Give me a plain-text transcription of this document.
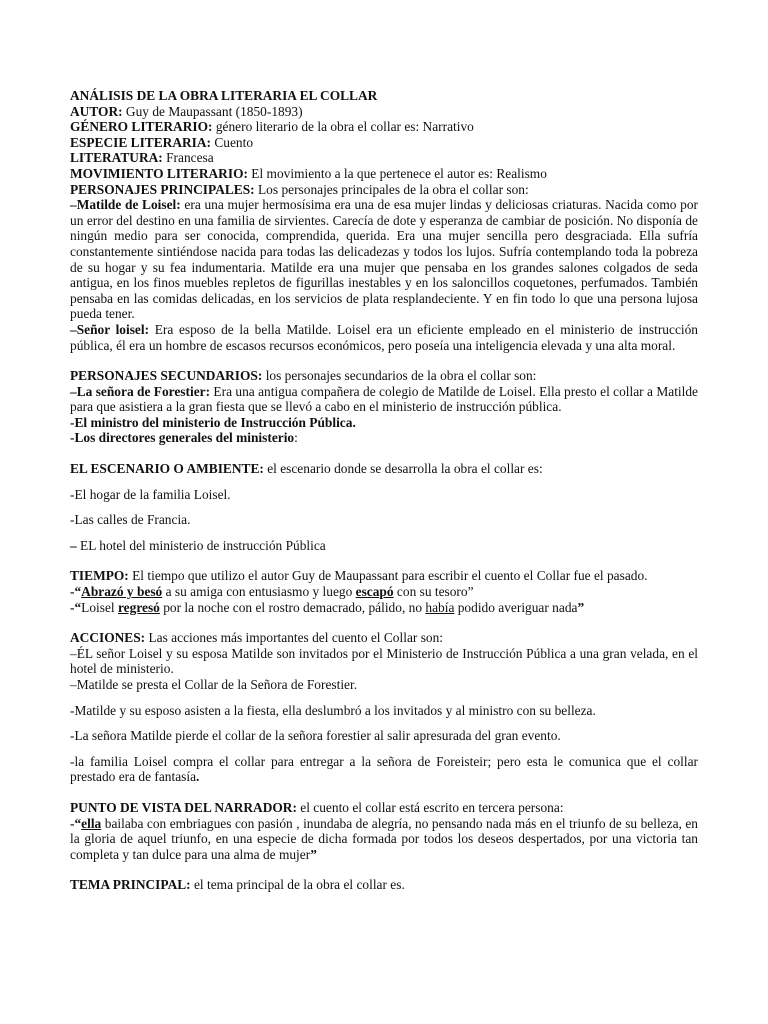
ANÁLISIS DE LA OBRA LITERARIA EL COLLAR

AUTOR: Guy de Maupassant (1850-1893)

GÉNERO LITERARIO: género literario de la obra el collar es: Narrativo

ESPECIE LITERARIA: Cuento

LITERATURA: Francesa

MOVIMIENTO LITERARIO: El movimiento a la que pertenece el autor es: Realismo

PERSONAJES PRINCIPALES: Los personajes principales de la obra el collar son:

–Matilde de Loisel: era una mujer hermosísima era una de esa mujer lindas y deliciosas criaturas. Nacida como por un error del destino en una familia de sirvientes. Carecía de dote y esperanza de cambiar de posición. No disponía de ningún medio para ser conocida, comprendida, querida. Era una mujer sencilla pero desgraciada. Ella sufría constantemente sintiéndose nacida para todas las delicadezas y todos los lujos. Sufría contemplando toda la pobreza de su hogar y su fea indumentaria. Matilde era una mujer que pensaba en los grandes salones colgados de seda antigua, en los finos muebles repletos de figurillas inestables y en los saloncillos coquetones, perfumados. También pensaba en las comidas delicadas, en los servicios de plata resplandeciente. Y en fin todo lo que una persona lujosa pueda tener.

–Señor loisel: Era esposo de la bella Matilde. Loisel era un eficiente empleado en el ministerio de instrucción pública, él era un hombre de escasos recursos económicos, pero poseía una inteligencia elevada y una alta moral.

PERSONAJES SECUNDARIOS: los personajes secundarios de la obra el collar son:

–La señora de Forestier: Era una antigua compañera de colegio de Matilde de Loisel. Ella presto el collar a Matilde para que asistiera a la gran fiesta que se llevó a cabo en el ministerio de instrucción pública.

-El ministro del ministerio de Instrucción Pública.

-Los directores generales del ministerio:

EL ESCENARIO O AMBIENTE: el escenario donde se desarrolla la obra el collar es:

-El hogar de la familia Loisel.

-Las calles de Francia.

– EL hotel del ministerio de instrucción Pública

TIEMPO: El tiempo que utilizo el autor Guy de Maupassant para escribir el cuento el Collar fue el pasado.

-“Abrazó y besó a su amiga con entusiasmo y luego escapó con su tesoro”

-“Loisel regresó por la noche con el rostro demacrado, pálido, no había podido averiguar nada”

ACCIONES: Las acciones más importantes del cuento el Collar son:

–ÉL señor Loisel y su esposa Matilde son invitados por el Ministerio de Instrucción Pública a una gran velada, en el hotel de ministerio.

–Matilde se presta el Collar de la Señora de Forestier.

-Matilde y su esposo asisten a la fiesta, ella deslumbró a los invitados y al ministro con su belleza.

-La señora Matilde pierde el collar de la señora forestier al salir apresurada del gran evento.

-la familia Loisel compra el collar para entregar a la señora de Foreisteir; pero esta le comunica que el collar prestado era de fantasía.

PUNTO DE VISTA DEL NARRADOR: el cuento el collar está escrito en tercera persona:

-“ella bailaba con embriagues con pasión , inundaba de alegría, no pensando nada más en el triunfo de su belleza, en la gloria de aquel triunfo, en una especie de dicha formada por todos los deseos despertados, por una victoria tan completa y tan dulce para una alma de mujer”

TEMA PRINCIPAL: el tema principal de la obra el collar es.
